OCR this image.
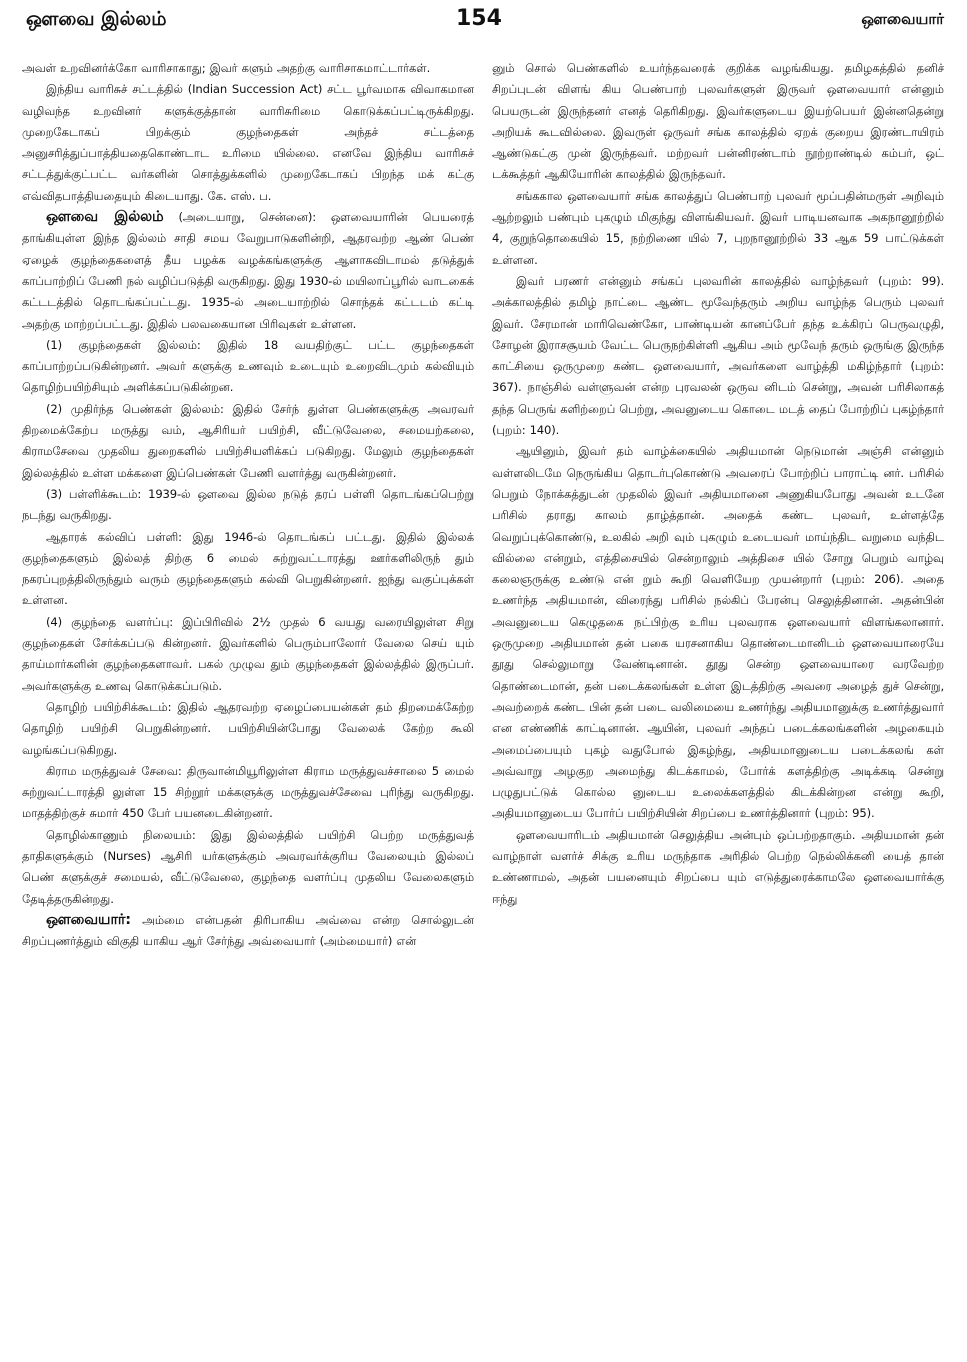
ஔவை இல்லம்	154	ஔவையார்

அவள் உறவினர்க்கோ வாரிசாகாது; இவர் களும் அதற்கு வாரிசாகமாட்டார்கள்.

இந்திய வாரிசுச் சட்டத்தில் (Indian Succession Act) சட்ட பூர்வமாக விவாகமான வழிவந்த உறவினர் களுக்குத்தான் வாரிசுரிமை கொடுக்கப்பட்டிருக்கிறது. முறைகேடாகப் பிறக்கும் குழந்தைகள் அந்தச் சட்டத்தை அனுசரித்துப்பாத்தியதைகொண்டாட உரிமை யில்லை. எனவே இந்திய வாரிசுச் சட்டத்துக்குட்பட்ட வர்களின் சொத்துக்களில் முறைகேடாகப் பிறந்த மக் கட்கு எவ்விதபாத்தியதையும் கிடையாது. கே. எஸ். ப.

ஔவை இல்லம் (அடையாறு, சென்னை): ஔவையாரின் பெயரைத் தாங்கியுள்ள இந்த இல்லம் சாதி சமய வேறுபாடுகளின்றி, ஆதரவற்ற ஆண் பெண் ஏழைக் குழந்தைகளைத் தீய பழக்க வழக்கங்களுக்கு ஆளாகவிடாமல் தடுத்துக் காப்பாற்றிப் பேணி நல் வழிப்படுத்தி வருகிறது. இது 1930-ல் மயிலாப்பூரில் வாடகைக் கட்டடத்தில் தொடங்கப்பட்டது. 1935-ல் அடையாற்றில் சொந்தக் கட்டடம் கட்டி அதற்கு மாற்றப்பட்டது. இதில் பலவகையான பிரிவுகள் உள்ளன.

(1) குழந்தைகள் இல்லம்: இதில் 18 வயதிற்குட் பட்ட குழந்தைகள் காப்பாற்றப்படுகின்றனர். அவர் களுக்கு உணவும் உடையும் உறைவிடமும் கல்வியும் தொழிற்பயிற்சியும் அளிக்கப்படுகின்றன.

(2) முதிர்ந்த பெண்கள் இல்லம்: இதில் சேர்ந் துள்ள பெண்களுக்கு அவரவர் திறமைக்கேற்ப மருத்து வம், ஆசிரியர் பயிற்சி, வீட்டுவேலை, சமையற்கலை, கிராமசேவை முதலிய துறைகளில் பயிற்சியளிக்கப் படுகிறது. மேலும் குழந்தைகள் இல்லத்தில் உள்ள மக்களை இப்பெண்கள் பேணி வளர்த்து வருகின்றனர்.

(3) பள்ளிக்கூடம்: 1939-ல் ஔவை இல்ல நடுத் தரப் பள்ளி தொடங்கப்பெற்று நடந்து வருகிறது.

ஆதாரக் கல்விப் பள்ளி: இது 1946-ல் தொடங்கப் பட்டது. இதில் இல்லக் குழந்தைகளும் இல்லத் திற்கு 6 மைல் சுற்றுவட்டாரத்து ஊர்களிலிருந் தும் நகரப்புறத்திலிருந்தும் வரும் குழந்தைகளும் கல்வி பெறுகின்றனர். ஐந்து வகுப்புக்கள் உள்ளன.

(4) குழந்தை வளர்ப்பு: இப்பிரிவில் 2½ முதல் 6 வயது வரையிலுள்ள சிறு குழந்தைகள் சேர்க்கப்படு கின்றனர். இவர்களில் பெரும்பாலோர் வேலை செய் யும் தாய்மார்களின் குழந்தைகளாவர். பகல் முழுவ தும் குழந்தைகள் இல்லத்தில் இருப்பர். அவர்களுக்கு உணவு கொடுக்கப்படும்.

தொழிற் பயிற்சிக்கூடம்: இதில் ஆதரவற்ற ஏழைப்பையன்கள் தம் திறமைக்கேற்ற தொழிற் பயிற்சி பெறுகின்றனர். பயிற்சியின்போது வேலைக் கேற்ற கூலி வழங்கப்படுகிறது.

கிராம மருத்துவச் சேவை: திருவான்மியூரிலுள்ள கிராம மருத்துவச்சாலை 5 மைல் சுற்றுவட்டாரத்தி லுள்ள 15 சிற்றூர் மக்களுக்கு மருத்துவச்சேவை புரிந்து வருகிறது. மாதத்திற்குச் சுமார் 450 பேர் பயனடைகின்றனர்.

தொழில்காணும் நிலையம்: இது இல்லத்தில் பயிற்சி பெற்ற மருத்துவத் தாதிகளுக்கும் (Nurses) ஆசிரி யர்களுக்கும் அவரவர்க்குரிய வேலையும் இல்லப் பெண் களுக்குச் சமையல், வீட்டுவேலை, குழந்தை வளர்ப்பு முதலிய வேலைகளும் தேடித்தருகின்றது.

ஔவையார்: அம்மை என்பதன் திரிபாகிய அவ்வை என்ற சொல்லுடன் சிறப்புணர்த்தும் விகுதி யாகிய ஆர் சேர்ந்து அவ்வையார் (அம்மையார்) என்

னும் சொல் பெண்களில் உயர்ந்தவரைக் குறிக்க வழங்கியது. தமிழகத்தில் தனிச் சிறப்புடன் விளங் கிய பெண்பாற் புலவர்களுள் இருவர் ஔவையார் என்னும் பெயருடன் இருந்தனர் எனத் தெரிகிறது. இவர்களுடைய இயற்பெயர் இன்னதென்று அறியக் கூடவில்லை. இவருள் ஒருவர் சங்க காலத்தில் ஏறக் குறைய இரண்டாயிரம் ஆண்டுகட்கு முன் இருந்தவர். மற்றவர் பன்னிரண்டாம் நூற்றாண்டில் கம்பர், ஒட் டக்கூத்தர் ஆகியோரின் காலத்தில் இருந்தவர்.

சங்ககால ஔவையார் சங்க காலத்துப் பெண்பாற் புலவர் மூப்பதின்மருள் அறிவும் ஆற்றலும் பண்பும் புகழும் மிகுந்து விளங்கியவர். இவர் பாடியனவாக அகநானூற்றில் 4, குறுந்தொகையில் 15, நற்றிணை யில் 7, புறநானூற்றில் 33 ஆக 59 பாட்டுக்கள் உள்ளன.

இவர் பரணர் என்னும் சங்கப் புலவரின் காலத்தில் வாழ்ந்தவர் (புறம்: 99). அக்காலத்தில் தமிழ் நாட்டை ஆண்ட மூவேந்தரும் அறிய வாழ்ந்த பெரும் புலவர் இவர். சேரமான் மாரிவெண்கோ, பாண்டியன் கானப்பேர் தந்த உக்கிரப் பெருவழுதி, சோழன் இராசசூயம் வேட்ட பெருநற்கிள்ளி ஆகிய அம் மூவேந் தரும் ஒருங்கு இருந்த காட்சியை ஒருமுறை கண்ட ஔவையார், அவர்களை வாழ்த்தி மகிழ்ந்தார் (புறம்: 367). நாஞ்சில் வள்ளுவன் என்ற புரவலன் ஒருவ னிடம் சென்று, அவன் பரிசிலாகத் தந்த பெருங் களிற்றைப் பெற்று, அவனுடைய கொடை மடத் தைப் போற்றிப் புகழ்ந்தார் (புறம்: 140).

ஆயினும், இவர் தம் வாழ்க்கையில் அதியமான் நெடுமான் அஞ்சி என்னும் வள்ளலிடமே நெருங்கிய தொடர்புகொண்டு அவரைப் போற்றிப் பாராட்டி னர். பரிசில் பெறும் நோக்கத்துடன் முதலில் இவர் அதியமானை அணுகியபோது அவன் உடனே பரிசில் தராது காலம் தாழ்த்தான். அதைக் கண்ட புலவர், உள்ளத்தே வெறுப்புக்கொண்டு, உலகில் அறி வும் புகழும் உடையவர் மாய்ந்திட வறுமை வந்திட வில்லை என்றும், எத்திசையில் சென்றாலும் அத்திசை யில் சோறு பெறும் வாழ்வு கலைஞருக்கு உண்டு என் றும் கூறி வெளியேற முயன்றார் (புறம்: 206). அதை உணர்ந்த அதியமான், விரைந்து பரிசில் நல்கிப் பேரன்பு செலுத்தினான். அதன்பின் அவனுடைய கெழுதகை நட்பிற்கு உரிய புலவராக ஔவையார் விளங்கலானார். ஒருமுறை அதியமான் தன் பகை யரசனாகிய தொண்டைமானிடம் ஔவையாரையே தூது செல்லுமாறு வேண்டினான். தூது சென்ற ஔவையாரை வரவேற்ற தொண்டைமான், தன் படைக்கலங்கள் உள்ள இடத்திற்கு அவரை அழைத் துச் சென்று, அவற்றைக் கண்ட பின் தன் படை வலிமையை உணர்ந்து அதியமானுக்கு உணர்த்துவார் என எண்ணிக் காட்டினான். ஆயின், புலவர் அந்தப் படைக்கலங்களின் அழகையும் அமைப்பையும் புகழ் வதுபோல் இகழ்ந்து, அதியமானுடைய படைக்கலங் கள் அவ்வாறு அழகுற அமைந்து கிடக்காமல், போர்க் களத்திற்கு அடிக்கடி சென்று பழுதுபட்டுக் கொல்ல னுடைய உலைக்களத்தில் கிடக்கின்றன என்று கூறி, அதியமானுடைய போர்ப் பயிற்சியின் சிறப்பை உணர்த்தினார் (புறம்: 95).

ஔவையாரிடம் அதியமான் செலுத்திய அன்பும் ஒப்பற்றதாகும். அதியமான் தன் வாழ்நாள் வளர்ச் சிக்கு உரிய மருந்தாக அரிதில் பெற்ற நெல்லிக்கனி யைத் தான் உண்ணாமல், அதன் பயனையும் சிறப்பை யும் எடுத்துரைக்காமலே ஔவையார்க்கு ஈந்து
